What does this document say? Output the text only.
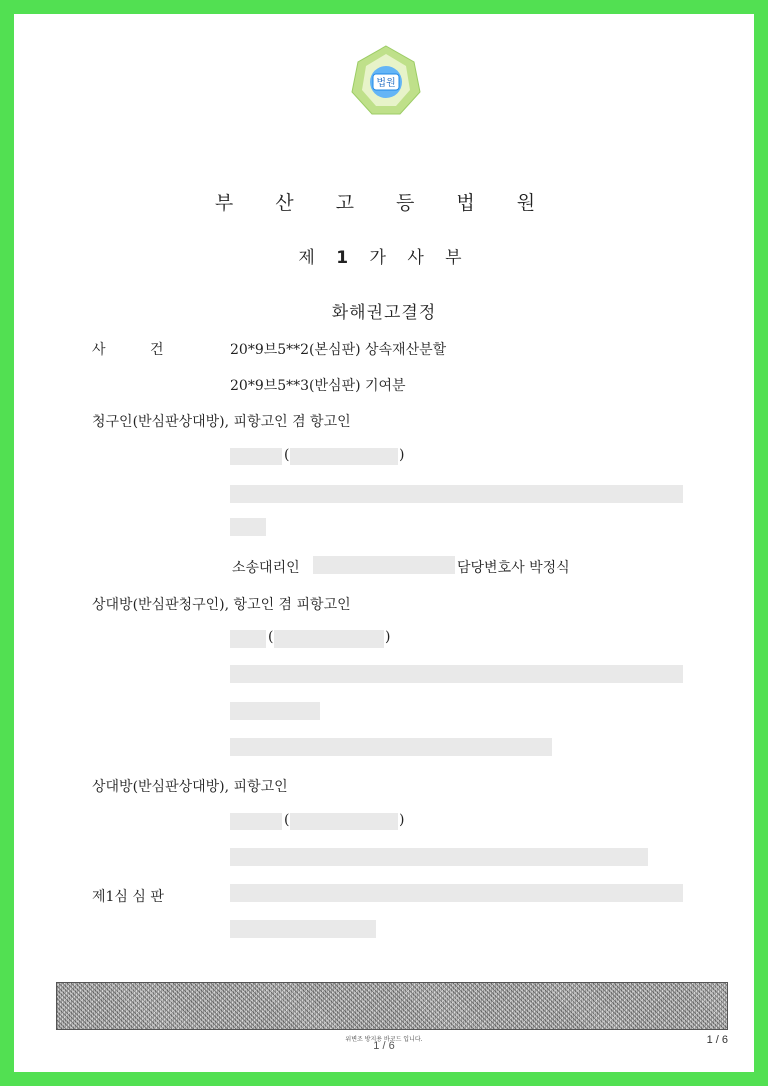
법원
부 산 고 등 법 원
제 1 가 사 부
화해권고결정
사          건	20*9브5**2(본심판) 상속재산분할
20*9브5**3(반심판) 기여분
청구인(반심판상대방), 피항고인 겸 항고인
(	)
소송대리인	담당변호사 박정식
상대방(반심판청구인), 항고인 겸 피항고인
(	)
상대방(반심판상대방), 피항고인
(	)
제1심 심 판
위변조 방지용 바코드 입니다.
1 / 6	1 / 6
